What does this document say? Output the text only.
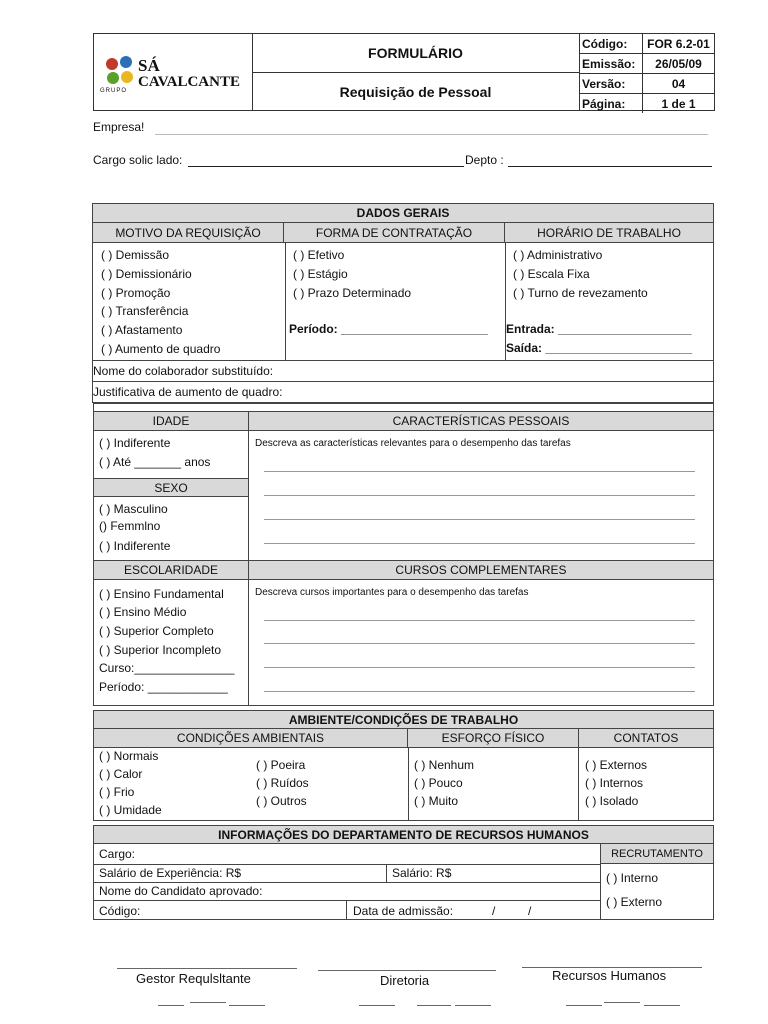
GRUPO
SÁ
CAVALCANTE
FORMULÁRIO
Requisição de Pessoal
Código:	FOR 6.2-01
Emissão:	26/05/09
Versão:	04
Página:	1 de 1
Empresa!
Cargo solic lado:	Depto :
DADOS GERAIS
MOTIVO DA REQUISIÇÃO	FORMA DE CONTRATAÇÃO	HORÁRIO DE TRABALHO
( ) Demissão
( ) Demissionário
( ) Promoção
( ) Transferência
( ) Afastamento
( ) Aumento de quadro
( ) Efetivo
( ) Estágio
( ) Prazo Determinado
Período: ______________________
( ) Administrativo
( ) Escala Fixa
( ) Turno de revezamento
Entrada: ____________________
Saída: ______________________
Nome do colaborador substituído:
Justificativa de aumento de quadro:
IDADE	CARACTERÍSTICAS PESSOAIS
( ) Indiferente
( ) Até _______ anos
Descreva as características relevantes para o desempenho das tarefas
SEXO
( ) Masculino
() Femmlno
( ) Indiferente
ESCOLARIDADE	CURSOS COMPLEMENTARES
( ) Ensino Fundamental
( ) Ensino Médio
( ) Superior Completo
( ) Superior Incompleto
Curso:_______________
Período: ____________
Descreva cursos importantes para o desempenho das tarefas
AMBIENTE/CONDIÇÕES DE TRABALHO
CONDIÇÕES AMBIENTAIS	ESFORÇO FÍSICO	CONTATOS
( ) Normais
( ) Calor
( ) Frio
( ) Umidade
( ) Poeira
( ) Ruídos
( ) Outros
( ) Nenhum
( ) Pouco
( ) Muito
( ) Externos
( ) Internos
( ) Isolado
INFORMAÇÕES DO DEPARTAMENTO DE RECURSOS HUMANOS
RECRUTAMENTO
Cargo:
Salário de Experiência: R$	Salário: R$
Nome do Candidato aprovado:
Código:	Data de admissão:	/	/
( ) Interno
( ) Externo
Gestor Requlsltante	Diretoria	Recursos Humanos
